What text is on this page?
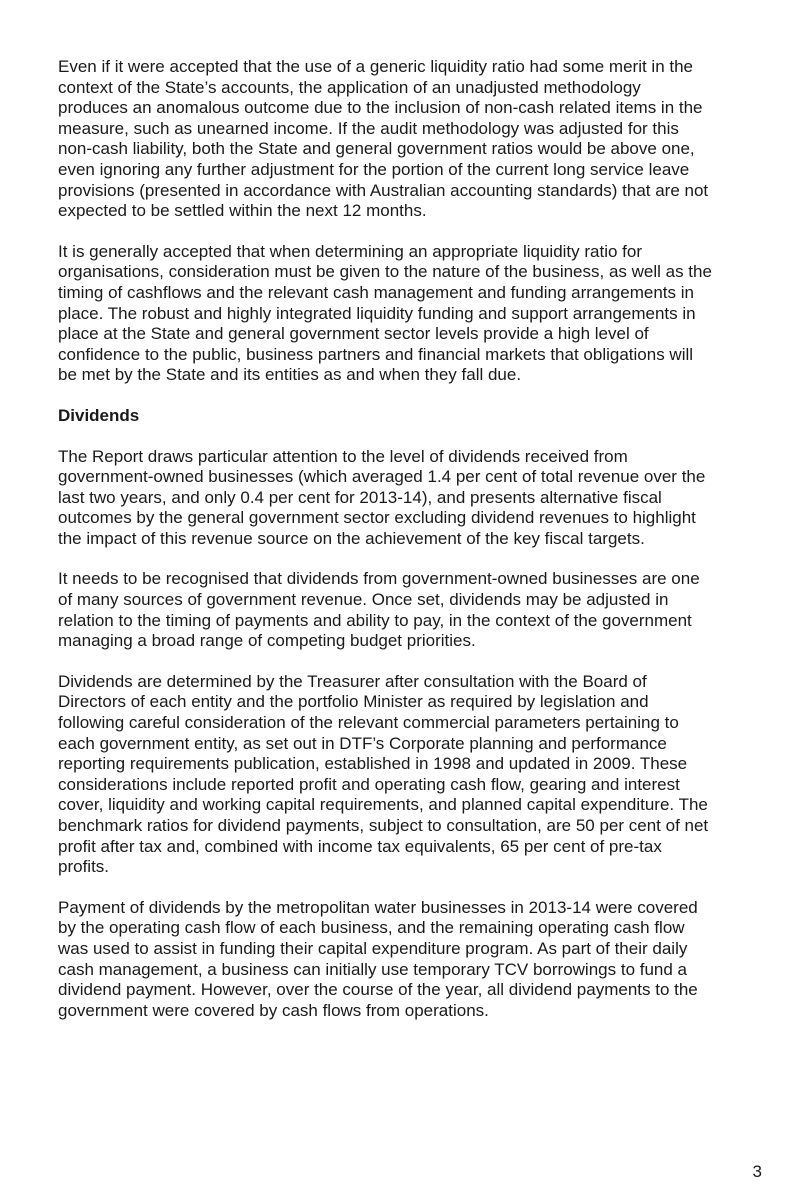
Even if it were accepted that the use of a generic liquidity ratio had some merit in the
context of the State’s accounts, the application of an unadjusted methodology
produces an anomalous outcome due to the inclusion of non-cash related items in the
measure, such as unearned income. If the audit methodology was adjusted for this
non-cash liability, both the State and general government ratios would be above one,
even ignoring any further adjustment for the portion of the current long service leave
provisions (presented in accordance with Australian accounting standards) that are not
expected to be settled within the next 12 months.

It is generally accepted that when determining an appropriate liquidity ratio for
organisations, consideration must be given to the nature of the business, as well as the
timing of cashflows and the relevant cash management and funding arrangements in
place. The robust and highly integrated liquidity funding and support arrangements in
place at the State and general government sector levels provide a high level of
confidence to the public, business partners and financial markets that obligations will
be met by the State and its entities as and when they fall due.

Dividends

The Report draws particular attention to the level of dividends received from
government-owned businesses (which averaged 1.4 per cent of total revenue over the
last two years, and only 0.4 per cent for 2013-14), and presents alternative fiscal
outcomes by the general government sector excluding dividend revenues to highlight
the impact of this revenue source on the achievement of the key fiscal targets.

It needs to be recognised that dividends from government-owned businesses are one
of many sources of government revenue. Once set, dividends may be adjusted in
relation to the timing of payments and ability to pay, in the context of the government
managing a broad range of competing budget priorities.

Dividends are determined by the Treasurer after consultation with the Board of
Directors of each entity and the portfolio Minister as required by legislation and
following careful consideration of the relevant commercial parameters pertaining to
each government entity, as set out in DTF’s Corporate planning and performance
reporting requirements publication, established in 1998 and updated in 2009. These
considerations include reported profit and operating cash flow, gearing and interest
cover, liquidity and working capital requirements, and planned capital expenditure. The
benchmark ratios for dividend payments, subject to consultation, are 50 per cent of net
profit after tax and, combined with income tax equivalents, 65 per cent of pre-tax
profits.

Payment of dividends by the metropolitan water businesses in 2013-14 were covered
by the operating cash flow of each business, and the remaining operating cash flow
was used to assist in funding their capital expenditure program. As part of their daily
cash management, a business can initially use temporary TCV borrowings to fund a
dividend payment. However, over the course of the year, all dividend payments to the
government were covered by cash flows from operations.

3
